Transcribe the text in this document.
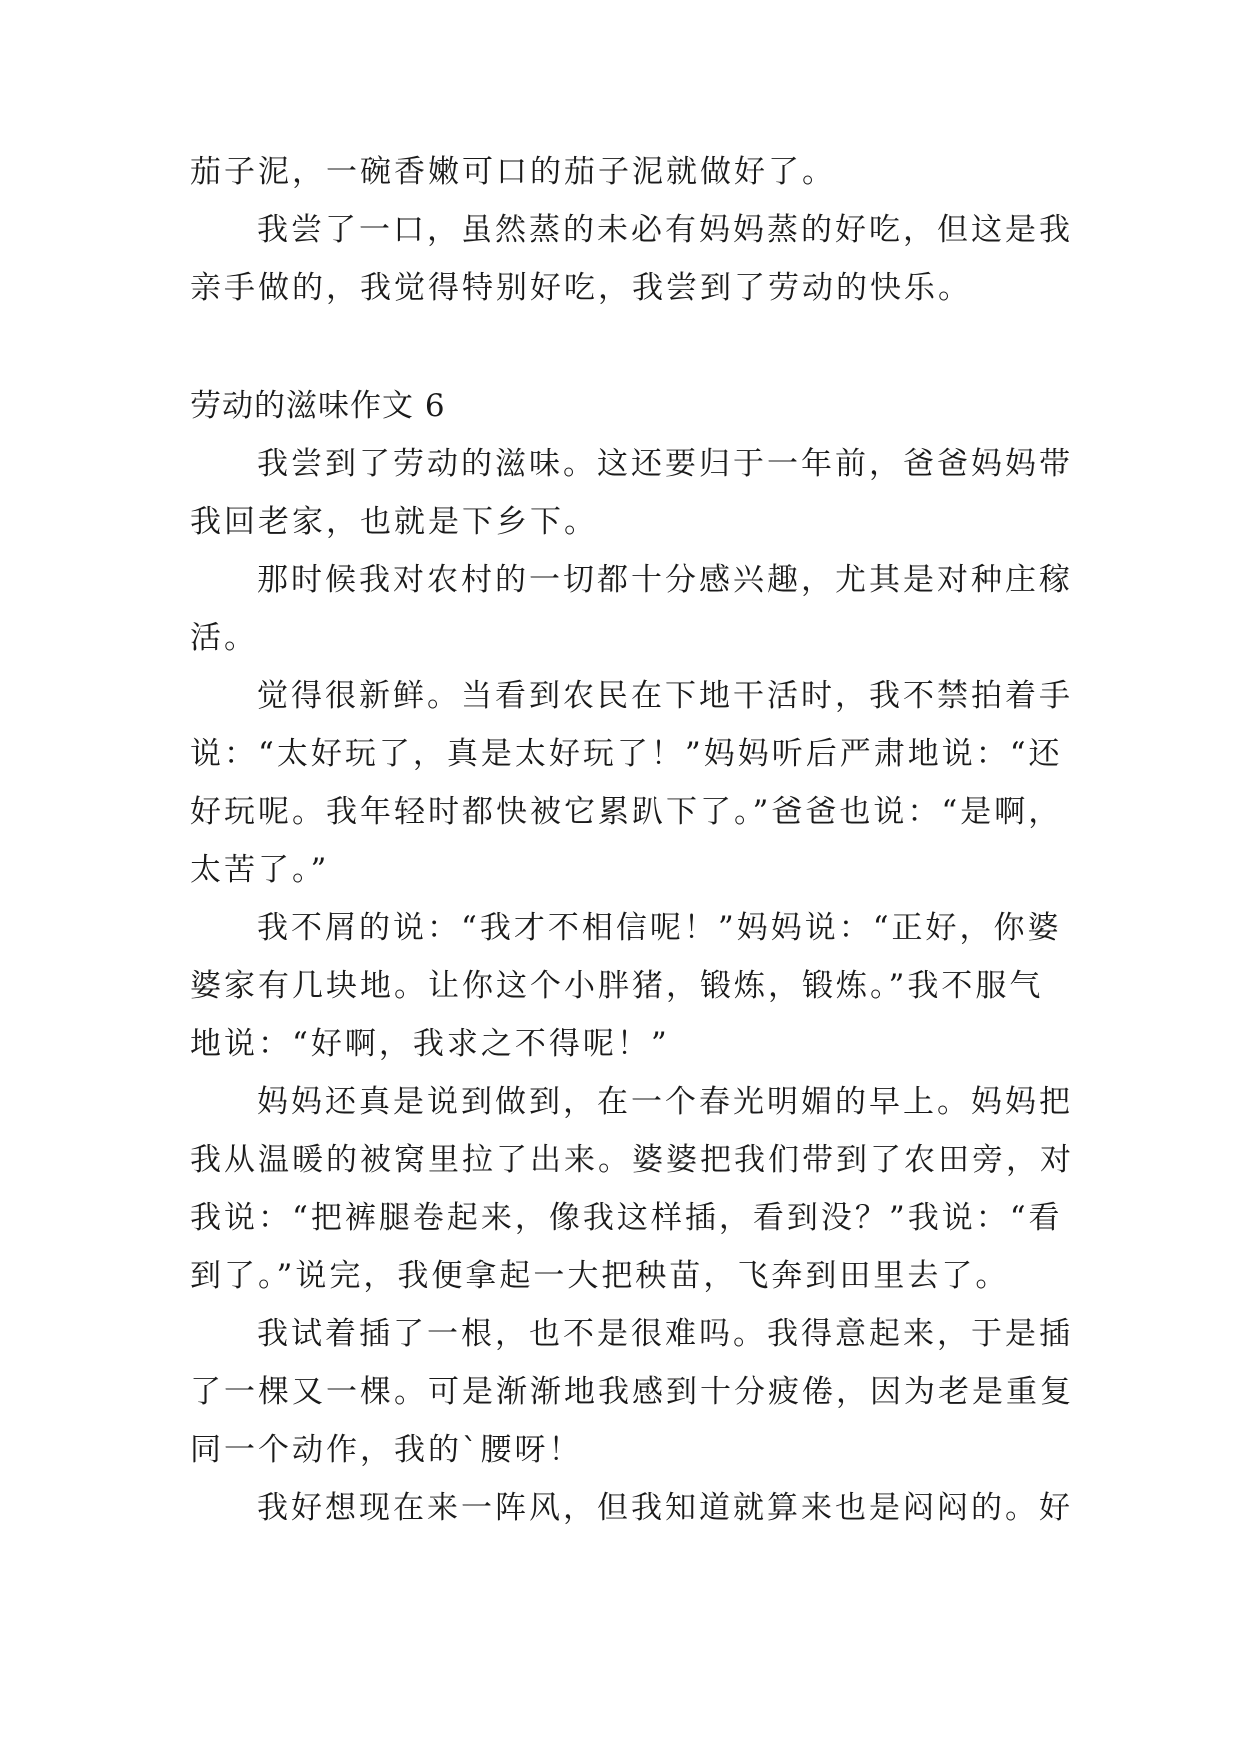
茄子泥，一碗香嫩可口的茄子泥就做好了。
我尝了一口，虽然蒸的未必有妈妈蒸的好吃，但这是我
亲手做的，我觉得特别好吃，我尝到了劳动的快乐。
劳动的滋味作文 6
我尝到了劳动的滋味。这还要归于一年前，爸爸妈妈带
我回老家，也就是下乡下。
那时候我对农村的一切都十分感兴趣，尤其是对种庄稼
活。
觉得很新鲜。当看到农民在下地干活时，我不禁拍着手
说：“太好玩了，真是太好玩了！”妈妈听后严肃地说：“还
好玩呢。我年轻时都快被它累趴下了。”爸爸也说：“是啊，
太苦了。”
我不屑的说：“我才不相信呢！”妈妈说：“正好，你婆
婆家有几块地。让你这个小胖猪，锻炼，锻炼。”我不服气
地说：“好啊，我求之不得呢！”
妈妈还真是说到做到，在一个春光明媚的早上。妈妈把
我从温暖的被窝里拉了出来。婆婆把我们带到了农田旁，对
我说：“把裤腿卷起来，像我这样插，看到没？”我说：“看
到了。”说完，我便拿起一大把秧苗，飞奔到田里去了。
我试着插了一根，也不是很难吗。我得意起来，于是插
了一棵又一棵。可是渐渐地我感到十分疲倦，因为老是重复
同一个动作，我的`腰呀！
我好想现在来一阵风，但我知道就算来也是闷闷的。好
